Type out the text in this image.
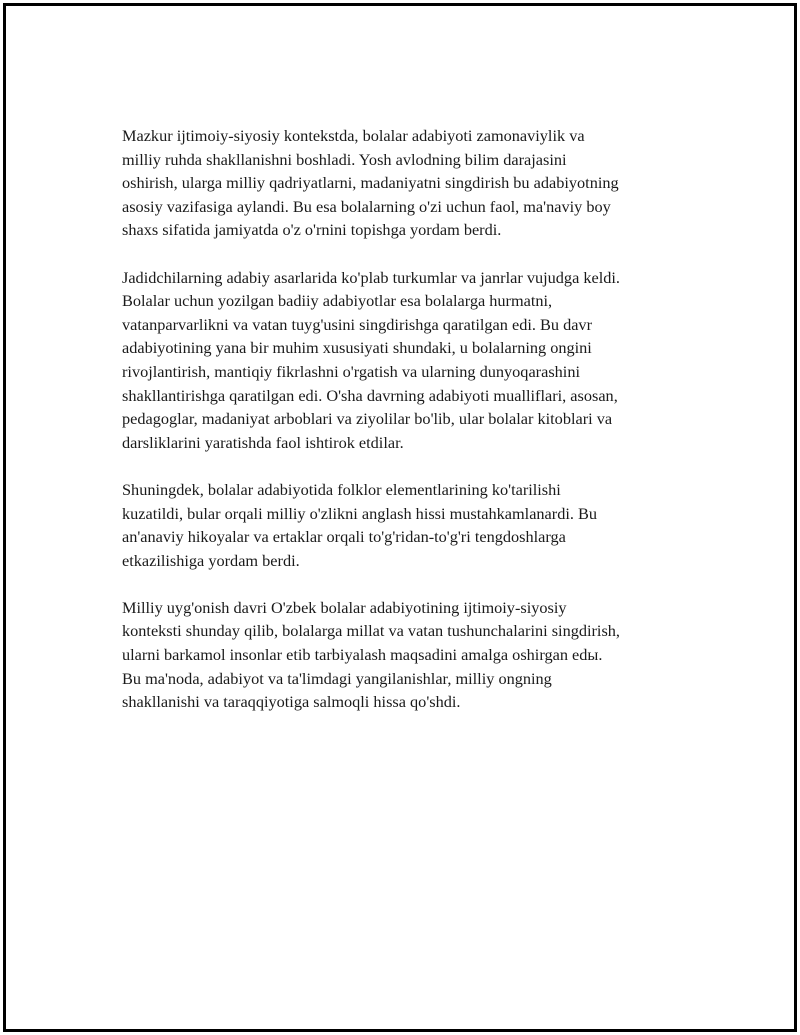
Mazkur ijtimoiy-siyosiy kontekstda, bolalar adabiyoti zamonaviylik va
milliy ruhda shakllanishni boshladi. Yosh avlodning bilim darajasini
oshirish, ularga milliy qadriyatlarni, madaniyatni singdirish bu adabiyotning
asosiy vazifasiga aylandi. Bu esa bolalarning o'zi uchun faol, ma'naviy boy
shaxs sifatida jamiyatda o'z o'rnini topishga yordam berdi.

Jadidchilarning adabiy asarlarida ko'plab turkumlar va janrlar vujudga keldi.
Bolalar uchun yozilgan badiiy adabiyotlar esa bolalarga hurmatni,
vatanparvarlikni va vatan tuyg'usini singdirishga qaratilgan edi. Bu davr
adabiyotining yana bir muhim xususiyati shundaki, u bolalarning ongini
rivojlantirish, mantiqiy fikrlashni o'rgatish va ularning dunyoqarashini
shakllantirishga qaratilgan edi. O'sha davrning adabiyoti mualliflari, asosan,
pedagoglar, madaniyat arboblari va ziyolilar bo'lib, ular bolalar kitoblari va
darsliklarini yaratishda faol ishtirok etdilar.

Shuningdek, bolalar adabiyotida folklor elementlarining ko'tarilishi
kuzatildi, bular orqali milliy o'zlikni anglash hissi mustahkamlanardi. Bu
an'anaviy hikoyalar va ertaklar orqali to'g'ridan-to'g'ri tengdoshlarga
etkazilishiga yordam berdi.

Milliy uyg'onish davri O'zbek bolalar adabiyotining ijtimoiy-siyosiy
konteksti shunday qilib, bolalarga millat va vatan tushunchalarini singdirish,
ularni barkamol insonlar etib tarbiyalash maqsadini amalga oshirgan edы.
Bu ma'noda, adabiyot va ta'limdagi yangilanishlar, milliy ongning
shakllanishi va taraqqiyotiga salmoqli hissa qo'shdi.
